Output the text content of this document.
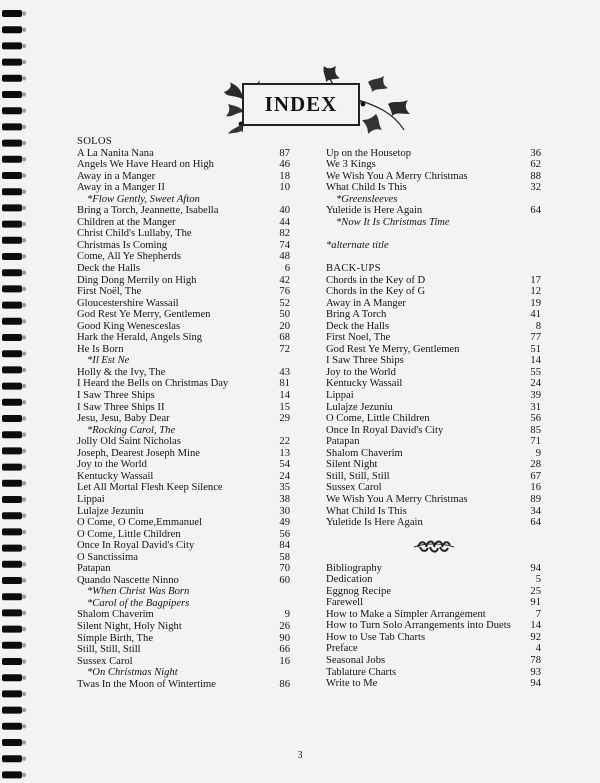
INDEX
SOLOS
A La Nanita Nana	87
Angels We Have Heard on High	46
Away in a Manger	18
Away in a Manger II	10
*Flow Gently, Sweet Afton
Bring a Torch, Jeannette, Isabella	40
Children at the Manger	44
Christ Child's Lullaby, The	82
Christmas Is Coming	74
Come, All Ye Shepherds	48
Deck the Halls	6
Ding Dong Merrily on High	42
First Noël, The	76
Gloucestershire Wassail	52
God Rest Ye Merry, Gentlemen	50
Good King Wenesceslas	20
Hark the Herald, Angels Sing	68
He Is Born	72
*Il Est Ne
Holly & the Ivy, The	43
I Heard the Bells on Christmas Day	81
I Saw Three Ships	14
I Saw Three Ships II	15
Jesu, Jesu, Baby Dear	29
*Rocking Carol, The
Jolly Old Saint Nicholas	22
Joseph, Dearest Joseph Mine	13
Joy to the World	54
Kentucky Wassail	24
Let All Mortal Flesh Keep Silence	35
Lippai	38
Lulajze Jezuniu	30
O Come, O Come,Emmanuel	49
O Come, Little Children	56
Once In Royal David's City	84
O Sanctissima	58
Patapan	70
Quando Nascette Ninno	60
*When Christ Was Born
*Carol of the Bagpipers
Shalom Chaverim	9
Silent Night, Holy Night	26
Simple Birth, The	90
Still, Still, Still	66
Sussex Carol	16
*On Christmas Night
Twas In the Moon of Wintertime	86
Up on the Housetop	36
We 3 Kings	62
We Wish You A Merry Christmas	88
What Child Is This	32
*Greensleeves
Yuletide is Here Again	64
*Now It Is Christmas Time
*alternate title
BACK-UPS
Chords in the Key of D	17
Chords in the Key of G	12
Away in A Manger	19
Bring A Torch	41
Deck the Halls	8
First Noel, The	77
God Rest Ye Merry, Gentlemen	51
I Saw Three Ships	14
Joy to the World	55
Kentucky Wassail	24
Lippai	39
Lulajze Jezuniu	31
O Come, Little Children	56
Once In Royal David's City	85
Patapan	71
Shalom Chaverim	9
Silent Night	28
Still, Still, Still	67
Sussex Carol	16
We Wish You A Merry Christmas	89
What Child Is This	34
Yuletide Is Here Again	64
Bibliography	94
Dedication	5
Eggnog Recipe	25
Farewell	91
How to Make a Simpler Arrangement	7
How to Turn Solo Arrangements into Duets	14
How to Use Tab Charts	92
Preface	4
Seasonal Jobs	78
Tablature Charts	93
Write to Me	94
3
